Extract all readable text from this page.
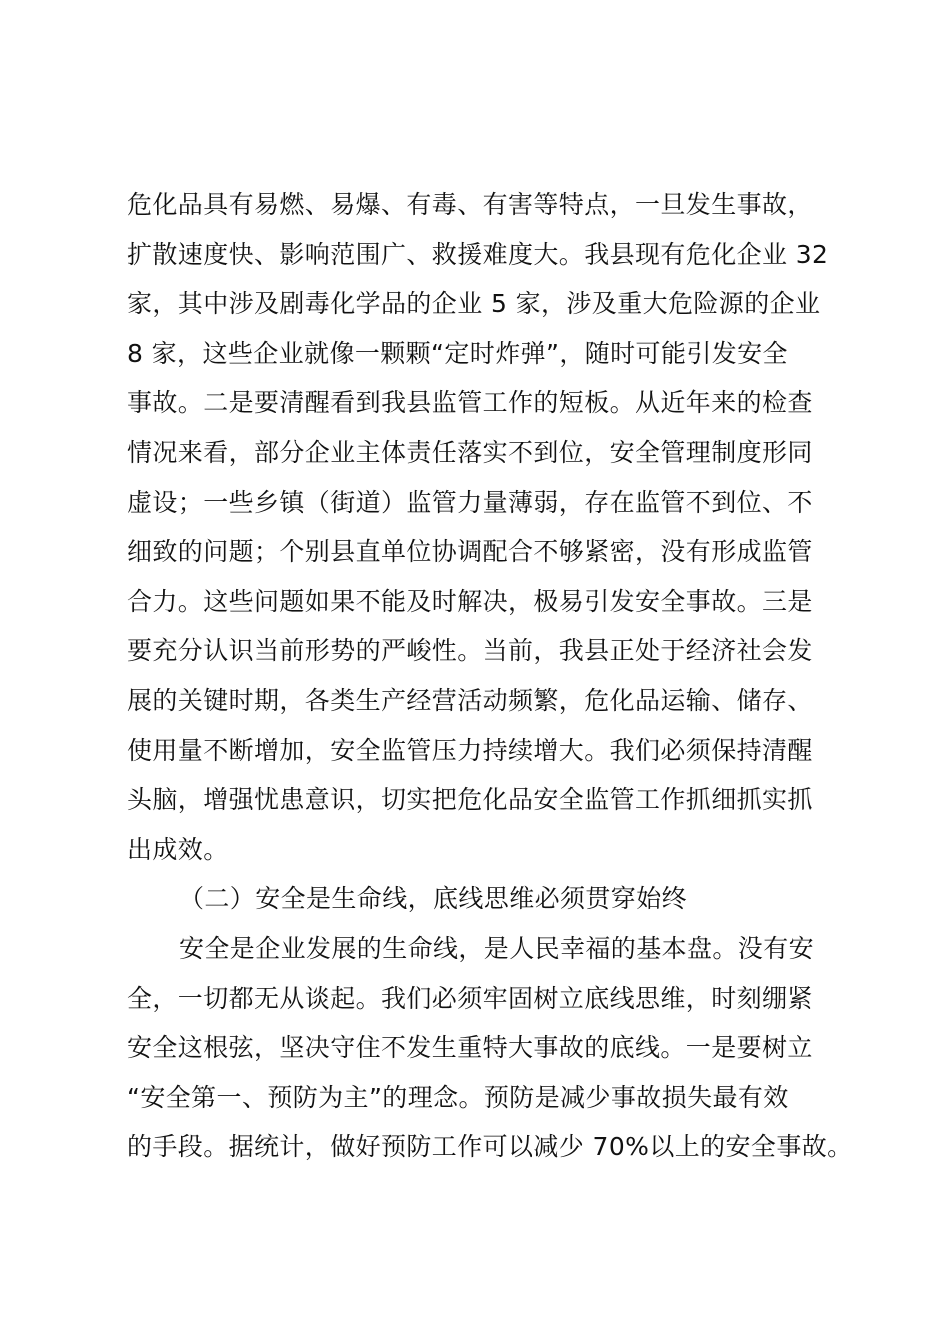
危化品具有易燃、易爆、有毒、有害等特点，一旦发生事故，
扩散速度快、影响范围广、救援难度大。我县现有危化企业 32
家，其中涉及剧毒化学品的企业 5 家，涉及重大危险源的企业
8 家，这些企业就像一颗颗“定时炸弹”，随时可能引发安全
事故。二是要清醒看到我县监管工作的短板。从近年来的检查
情况来看，部分企业主体责任落实不到位，安全管理制度形同
虚设；一些乡镇（街道）监管力量薄弱，存在监管不到位、不
细致的问题；个别县直单位协调配合不够紧密，没有形成监管
合力。这些问题如果不能及时解决，极易引发安全事故。三是
要充分认识当前形势的严峻性。当前，我县正处于经济社会发
展的关键时期，各类生产经营活动频繁，危化品运输、储存、
使用量不断增加，安全监管压力持续增大。我们必须保持清醒
头脑，增强忧患意识，切实把危化品安全监管工作抓细抓实抓
出成效。
（二）安全是生命线，底线思维必须贯穿始终
安全是企业发展的生命线，是人民幸福的基本盘。没有安
全，一切都无从谈起。我们必须牢固树立底线思维，时刻绷紧
安全这根弦，坚决守住不发生重特大事故的底线。一是要树立
“安全第一、预防为主”的理念。预防是减少事故损失最有效
的手段。据统计，做好预防工作可以减少 70%以上的安全事故。
